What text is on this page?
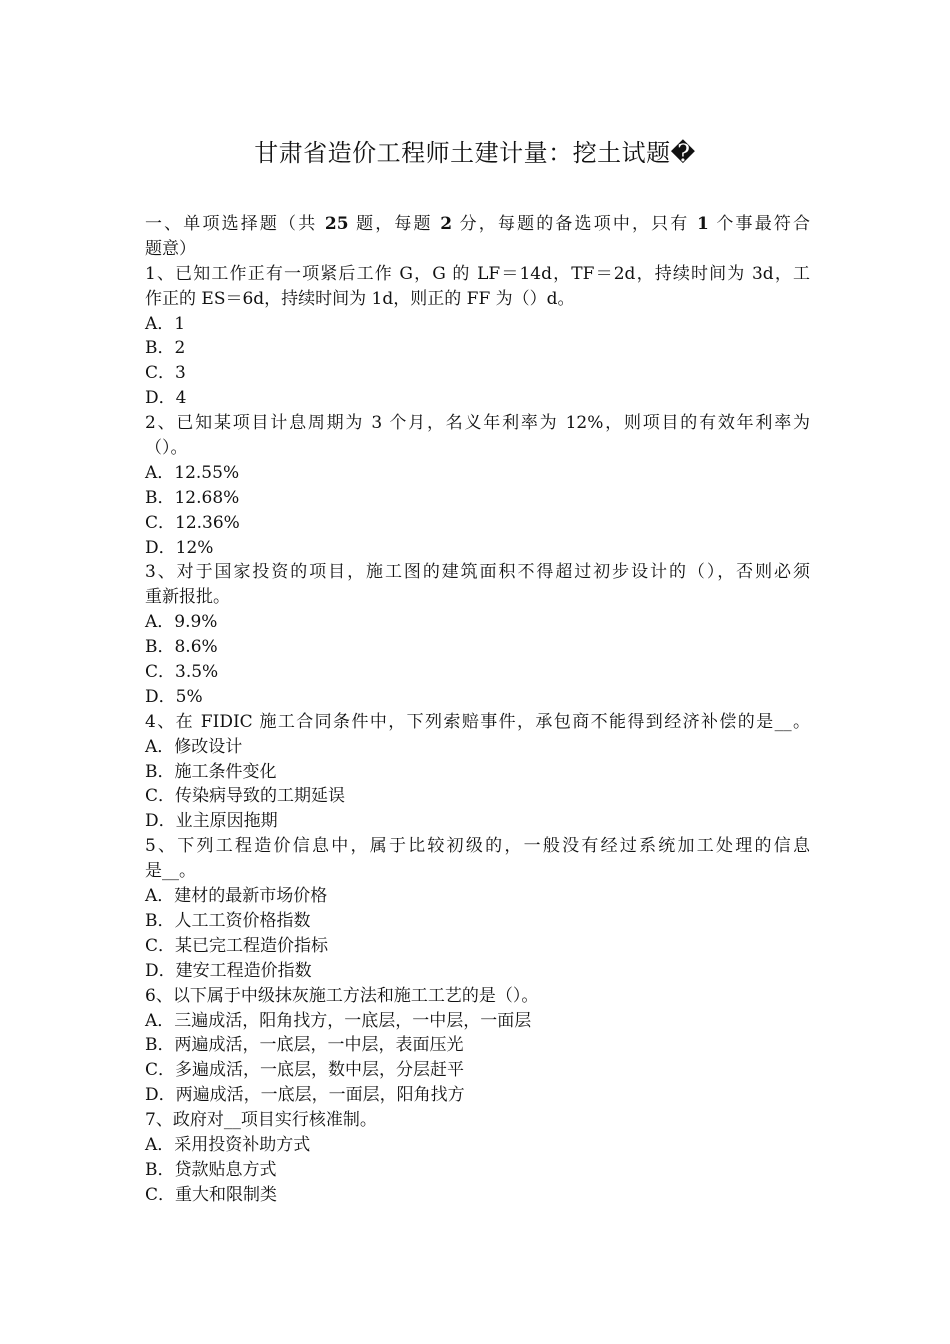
甘肃省造价工程师土建计量：挖土试题�
一、单项选择题（共 25 题，每题 2 分，每题的备选项中，只有 1 个事最符合
题意）
1、已知工作正有一项紧后工作 G，G 的 LF＝14d，TF＝2d，持续时间为 3d，工
作正的 ES＝6d，持续时间为 1d，则正的 FF 为（）d。
A．1
B．2
C．3
D．4
2、已知某项目计息周期为 3 个月，名义年利率为 12%，则项目的有效年利率为
（）。
A．12.55%
B．12.68%
C．12.36%
D．12%
3、对于国家投资的项目，施工图的建筑面积不得超过初步设计的（），否则必须
重新报批。
A．9.9%
B．8.6%
C．3.5%
D．5%
4、在 FIDIC 施工合同条件中，下列索赔事件，承包商不能得到经济补偿的是__。
A．修改设计
B．施工条件变化
C．传染病导致的工期延误
D．业主原因拖期
5、下列工程造价信息中，属于比较初级的，一般没有经过系统加工处理的信息
是__。
A．建材的最新市场价格
B．人工工资价格指数
C．某已完工程造价指标
D．建安工程造价指数
6、以下属于中级抹灰施工方法和施工工艺的是（）。
A．三遍成活，阳角找方，一底层，一中层，一面层
B．两遍成活，一底层，一中层，表面压光
C．多遍成活，一底层，数中层，分层赶平
D．两遍成活，一底层，一面层，阳角找方
7、政府对__项目实行核准制。
A．采用投资补助方式
B．贷款贴息方式
C．重大和限制类
